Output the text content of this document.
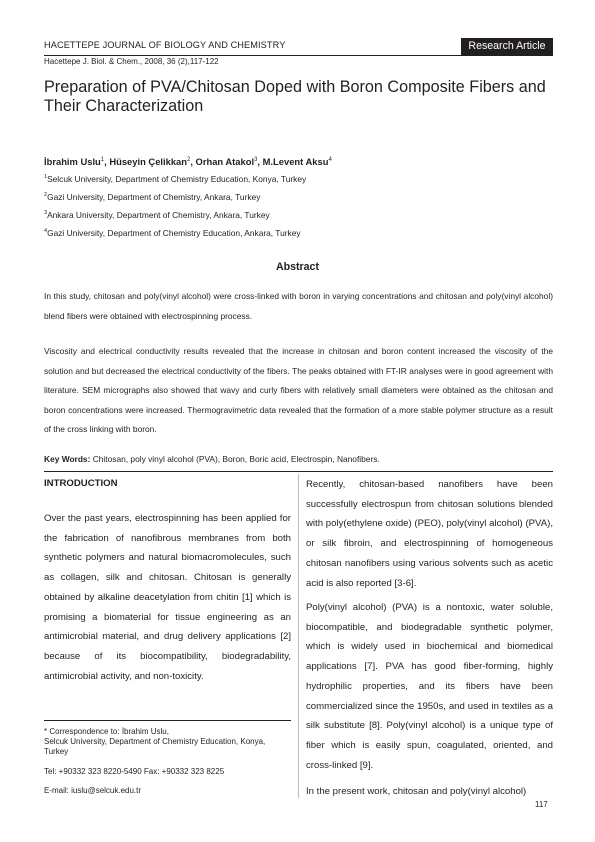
HACETTEPE JOURNAL OF BIOLOGY AND CHEMISTRY	Research Article
Hacettepe J. Biol. & Chem., 2008, 36 (2),117-122
Preparation of PVA/Chitosan Doped with Boron Composite Fibers and Their Characterization
İbrahim Uslu$^1$, Hüseyin Çelikkan$^2$, Orhan Atakol$^3$, M.Levent Aksu$^4$
$^1$Selcuk University, Department of Chemistry Education, Konya, Turkey
$^2$Gazi University, Department of Chemistry, Ankara, Turkey
$^3$Ankara University, Department of Chemistry, Ankara, Turkey
$^4$Gazi University, Department of Chemistry Education, Ankara, Turkey
Abstract
In this study, chitosan and poly(vinyl alcohol) were cross-linked with boron in varying concentrations and chitosan and poly(vinyl alcohol) blend fibers were obtained with electrospinning process.
Viscosity and electrical conductivity results revealed that the increase in chitosan and boron content increased the viscosity of the solution and but decreased the electrical conductivity of the fibers. The peaks obtained with FT-IR analyses were in good agreement with literature. SEM micrographs also showed that wavy and curly fibers with relatively small diameters were obtained as the chitosan and boron concentrations were increased. Thermogravimetric data revealed that the formation of a more stable polymer structure as a result of the cross linking with boron.
Key Words: Chitosan, poly vinyl alcohol (PVA), Boron, Boric acid, Electrospin, Nanofibers.
INTRODUCTION
Over the past years, electrospinning has been applied for the fabrication of nanofibrous membranes from both synthetic polymers and natural biomacromolecules, such as collagen, silk and chitosan. Chitosan is generally obtained by alkaline deacetylation from chitin [1] which is promising a biomaterial for tissue engineering as an antimicrobial material, and drug delivery applications [2] because of its biocompatibility, biodegradability, antimicrobial activity, and non-toxicity.
Recently, chitosan-based nanofibers have been successfully electrospun from chitosan solutions blended with poly(ethylene oxide) (PEO), poly(vinyl alcohol) (PVA), or silk fibroin, and electrospinning of homogeneous chitosan nanofibers using various solvents such as acetic acid is also reported [3-6].
Poly(vinyl alcohol) (PVA) is a nontoxic, water soluble, biocompatible, and biodegradable synthetic polymer, which is widely used in biochemical and biomedical applications [7]. PVA has good fiber-forming, highly hydrophilic properties, and its fibers have been commercialized since the 1950s, and used in textiles as a silk substitute [8]. Poly(vinyl alcohol) is a unique type of fiber which is easily spun, coagulated, oriented, and cross-linked [9].
In the present work, chitosan and poly(vinyl alcohol)
* Correspondence to: İbrahim Uslu,
Selcuk University, Department of Chemistry Education, Konya, Turkey
Tel: +90332 323 8220-5490 Fax: +90332 323 8225
E-mail: iuslu@selcuk.edu.tr
117
